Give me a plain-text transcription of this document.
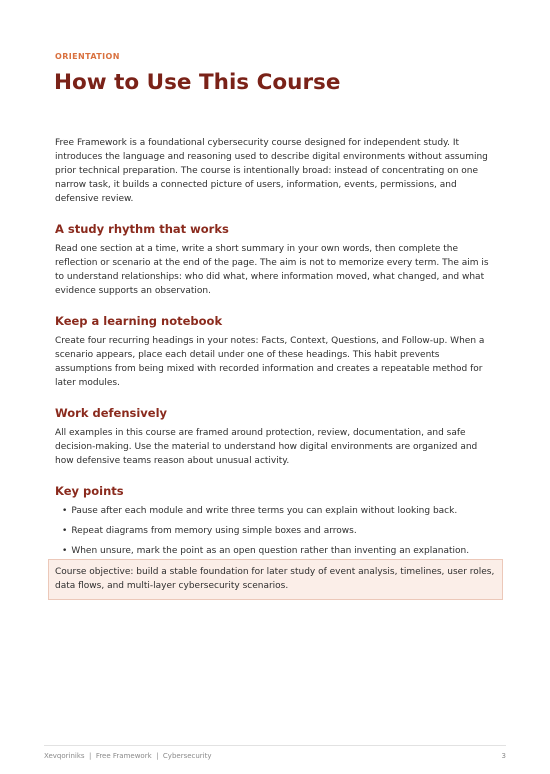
ORIENTATION
How to Use This Course

Free Framework is a foundational cybersecurity course designed for independent study. It introduces the language and reasoning used to describe digital environments without assuming prior technical preparation. The course is intentionally broad: instead of concentrating on one narrow task, it builds a connected picture of users, information, events, permissions, and defensive review.

A study rhythm that works

Read one section at a time, write a short summary in your own words, then complete the reflection or scenario at the end of the page. The aim is not to memorize every term. The aim is to understand relationships: who did what, where information moved, what changed, and what evidence supports an observation.

Keep a learning notebook

Create four recurring headings in your notes: Facts, Context, Questions, and Follow-up. When a scenario appears, place each detail under one of these headings. This habit prevents assumptions from being mixed with recorded information and creates a repeatable method for later modules.

Work defensively

All examples in this course are framed around protection, review, documentation, and safe decision-making. Use the material to understand how digital environments are organized and how defensive teams reason about unusual activity.

Key points
• Pause after each module and write three terms you can explain without looking back.
• Repeat diagrams from memory using simple boxes and arrows.
• When unsure, mark the point as an open question rather than inventing an explanation.
Course objective: build a stable foundation for later study of event analysis, timelines, user roles, data flows, and multi-layer cybersecurity scenarios.
Xevqoriniks  |  Free Framework  |  Cybersecurity	3
